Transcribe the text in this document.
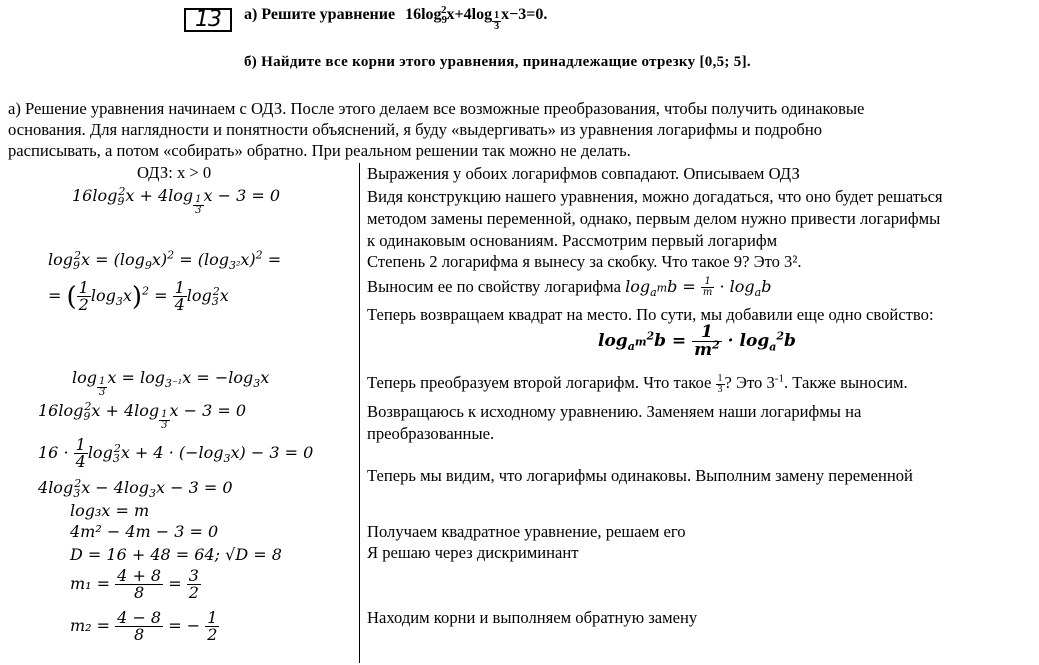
13	а) Решите уравнение $16\log_9^2x+4\log \frac{1}{3} x-3=0$.
б) Найдите все корни этого уравнения, принадлежащие отрезку [0,5; 5].
а) Решение уравнения начинаем с ОДЗ. После этого делаем все возможные преобразования, чтобы получить одинаковые
основания. Для наглядности и понятности объяснений, я буду «выдергивать» из уравнения логарифмы и подробно
расписывать, а потом «собирать» обратно. При реальном решении так можно не делать.
ОДЗ: x > 0
$16\log_9^2x + 4\log \frac{1}{3}$ x − 3 = 0
$\log_9^2x = (\log_9x)^2 = (\log_{3^2}x)^2$ =
= ( $\frac{1}{2} \log_3x)^2 = \frac{1}{4} \log_3^2x$
$\log \frac{1}{3}$ $x = \log_{3^{-1}}x = -\log_3x$
$16\log_9^2x + 4\log \frac{1}{3}$ x − 3 = 0
$16 \cdot \frac{1}{4} \log_3^2x + 4 \cdot (-\log_3x) - 3 = 0$
$4\log_3^2x - 4\log_3x - 3 = 0$
log₃x = m
4m² − 4m − 3 = 0
D = 16 + 48 = 64; √D = 8
$m_1 = \frac{4 + 8}{8} = \frac{3}{2}$
$m_2 = \frac{4 - 8}{8}$ = − $\frac{1}{2}$
Выражения у обоих логарифмов совпадают. Описываем ОДЗ
Видя конструкцию нашего уравнения, можно догадаться, что оно будет решаться
методом замены переменной, однако, первым делом нужно привести логарифмы
к одинаковым основаниям. Рассмотрим первый логарифм
Степень 2 логарифма я вынесу за скобку. Что такое 9? Это 3².
Выносим ее по свойству логарифма $\log_{a^m}b = \frac{1}{m} \cdot \log_ab$
Теперь возвращаем квадрат на место. По сути, мы добавили еще одно свойство:
$\log_{a^m}^2b = \frac{1}{m^2} \cdot \log_a^2b$
Теперь преобразуем второй логарифм. Что такое $\frac{1}{3}$ ? Это $3^{-1}$. Также выносим.
Возвращаюсь к исходному уравнению. Заменяем наши логарифмы на
преобразованные.
Теперь мы видим, что логарифмы одинаковы. Выполним замену переменной
Получаем квадратное уравнение, решаем его
Я решаю через дискриминант
Находим корни и выполняем обратную замену
